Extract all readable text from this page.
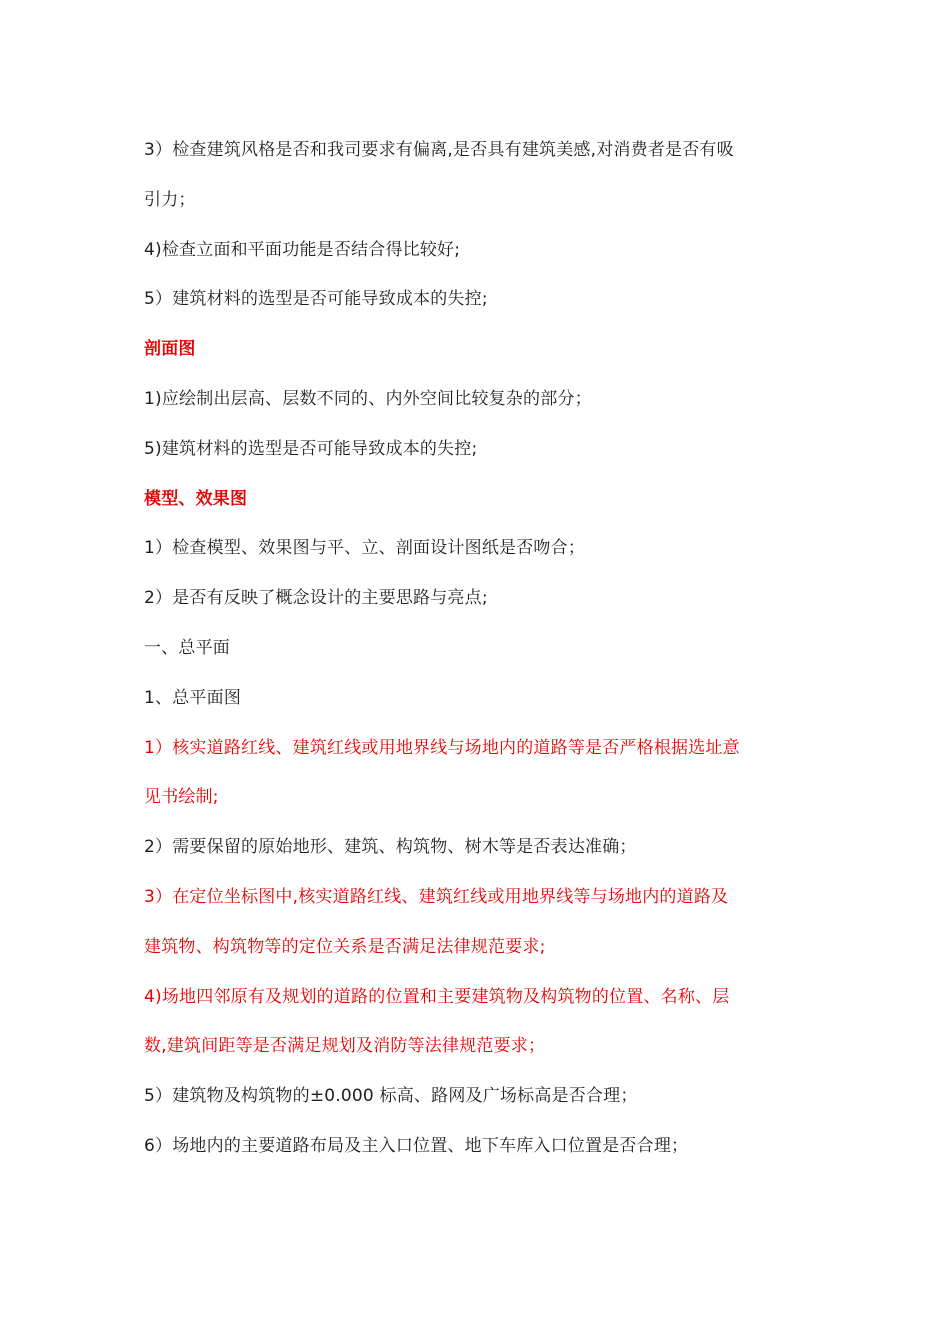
3）检查建筑风格是否和我司要求有偏离,是否具有建筑美感,对消费者是否有吸
引力；
4)检查立面和平面功能是否结合得比较好;
5）建筑材料的选型是否可能导致成本的失控;
剖面图
1)应绘制出层高、层数不同的、内外空间比较复杂的部分；
5)建筑材料的选型是否可能导致成本的失控;
模型、效果图
1）检查模型、效果图与平、立、剖面设计图纸是否吻合；
2）是否有反映了概念设计的主要思路与亮点;
一、总平面
1、总平面图
1）核实道路红线、建筑红线或用地界线与场地内的道路等是否严格根据选址意
见书绘制;
2）需要保留的原始地形、建筑、构筑物、树木等是否表达准确；
3）在定位坐标图中,核实道路红线、建筑红线或用地界线等与场地内的道路及
建筑物、构筑物等的定位关系是否满足法律规范要求;
4)场地四邻原有及规划的道路的位置和主要建筑物及构筑物的位置、名称、层
数,建筑间距等是否满足规划及消防等法律规范要求；
5）建筑物及构筑物的±0.000 标高、路网及广场标高是否合理；
6）场地内的主要道路布局及主入口位置、地下车库入口位置是否合理；
